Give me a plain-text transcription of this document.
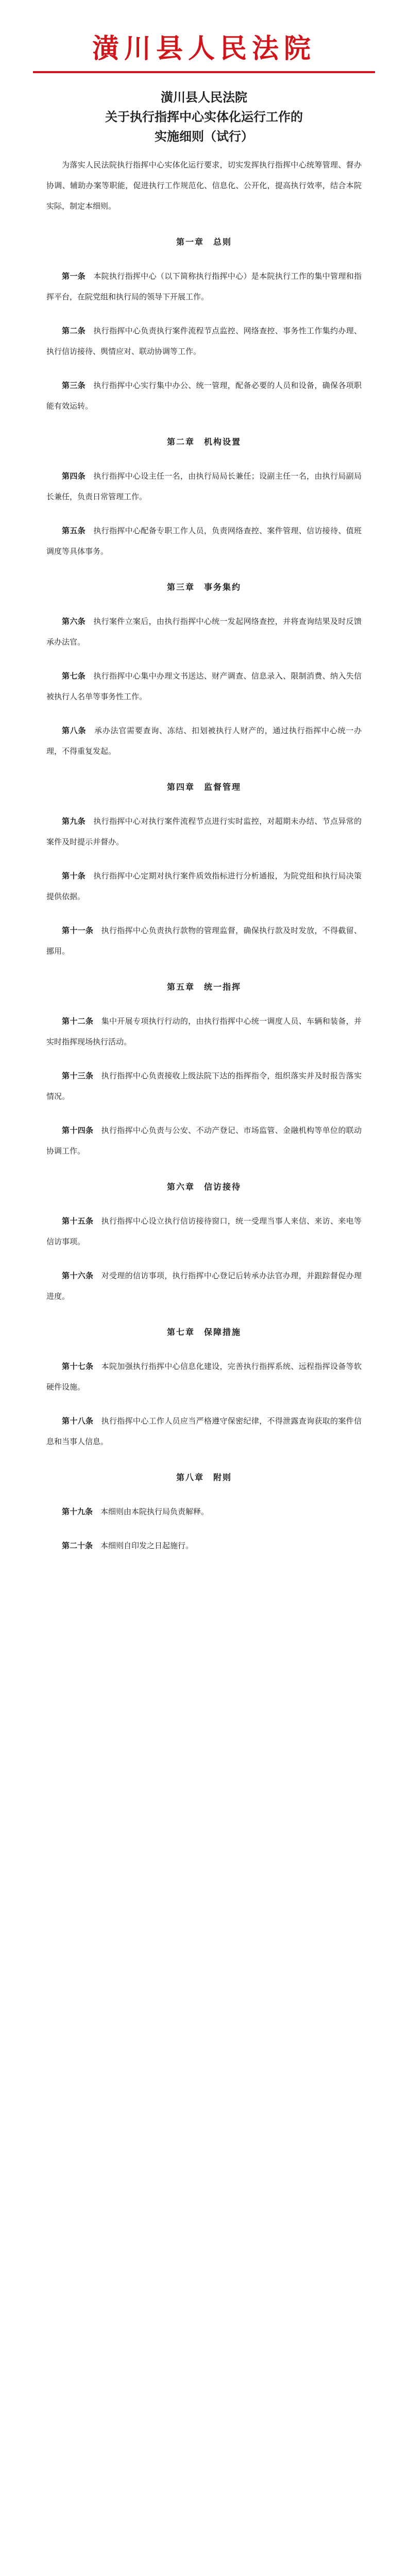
潢川县人民法院
潢川县人民法院
关于执行指挥中心实体化运行工作的
实施细则（试行）

为落实人民法院执行指挥中心实体化运行要求，切实发挥执行指挥中心统筹管理、督办协调、辅助办案等职能，促进执行工作规范化、信息化、公开化，提高执行效率，结合本院实际，制定本细则。

第一章　总则

第一条　 本院执行指挥中心（以下简称执行指挥中心）是本院执行工作的集中管理和指挥平台，在院党组和执行局的领导下开展工作。

第二条　 执行指挥中心负责执行案件流程节点监控、网络查控、事务性工作集约办理、执行信访接待、舆情应对、联动协调等工作。

第三条　 执行指挥中心实行集中办公、统一管理，配备必要的人员和设备，确保各项职能有效运转。

第二章　机构设置

第四条　 执行指挥中心设主任一名，由执行局局长兼任；设副主任一名，由执行局副局长兼任，负责日常管理工作。

第五条　 执行指挥中心配备专职工作人员，负责网络查控、案件管理、信访接待、值班调度等具体事务。

第三章　事务集约

第六条　 执行案件立案后，由执行指挥中心统一发起网络查控，并将查询结果及时反馈承办法官。

第七条　 执行指挥中心集中办理文书送达、财产调查、信息录入、限制消费、纳入失信被执行人名单等事务性工作。

第八条　 承办法官需要查询、冻结、扣划被执行人财产的，通过执行指挥中心统一办理，不得重复发起。

第四章　监督管理

第九条　 执行指挥中心对执行案件流程节点进行实时监控，对超期未办结、节点异常的案件及时提示并督办。

第十条　 执行指挥中心定期对执行案件质效指标进行分析通报，为院党组和执行局决策提供依据。

第十一条　 执行指挥中心负责执行款物的管理监督，确保执行款及时发放，不得截留、挪用。

第五章　统一指挥

第十二条　 集中开展专项执行行动的，由执行指挥中心统一调度人员、车辆和装备，并实时指挥现场执行活动。

第十三条　 执行指挥中心负责接收上级法院下达的指挥指令，组织落实并及时报告落实情况。

第十四条　 执行指挥中心负责与公安、不动产登记、市场监管、金融机构等单位的联动协调工作。

第六章　信访接待

第十五条　 执行指挥中心设立执行信访接待窗口，统一受理当事人来信、来访、来电等信访事项。

第十六条　 对受理的信访事项，执行指挥中心登记后转承办法官办理，并跟踪督促办理进度。

第七章　保障措施

第十七条　 本院加强执行指挥中心信息化建设，完善执行指挥系统、远程指挥设备等软硬件设施。

第十八条　 执行指挥中心工作人员应当严格遵守保密纪律，不得泄露查询获取的案件信息和当事人信息。

第八章　附则

第十九条　 本细则由本院执行局负责解释。

第二十条　 本细则自印发之日起施行。
